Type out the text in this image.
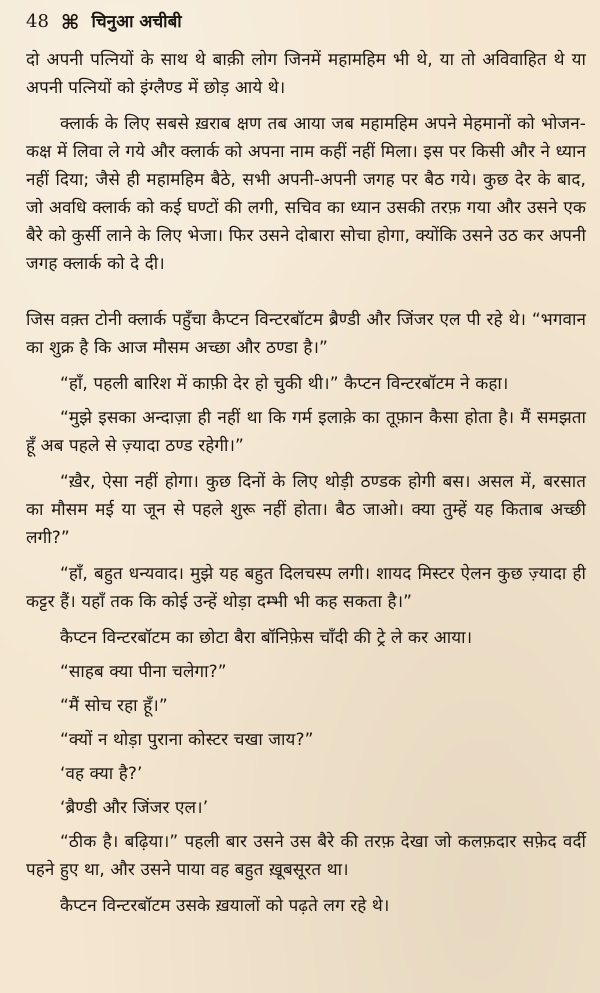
48 ⌘ चिनुआ अचीबी

दो अपनी पत्नियों के साथ थे बाक़ी लोग जिनमें महामहिम भी थे, या तो अविवाहित थे या अपनी पत्नियों को इंग्लैण्ड में छोड़ आये थे।

क्लार्क के लिए सबसे ख़राब क्षण तब आया जब महामहिम अपने मेहमानों को भोजन-कक्ष में लिवा ले गये और क्लार्क को अपना नाम कहीं नहीं मिला। इस पर किसी और ने ध्यान नहीं दिया; जैसे ही महामहिम बैठे, सभी अपनी-अपनी जगह पर बैठ गये। कुछ देर के बाद, जो अवधि क्लार्क को कई घण्टों की लगी, सचिव का ध्यान उसकी तरफ़ गया और उसने एक बैरे को कुर्सी लाने के लिए भेजा। फिर उसने दोबारा सोचा होगा, क्योंकि उसने उठ कर अपनी जगह क्लार्क को दे दी।

जिस वक़्त टोनी क्लार्क पहुँचा कैप्टन विन्टरबॉटम ब्रैण्डी और जिंजर एल पी रहे थे। “भगवान का शुक्र है कि आज मौसम अच्छा और ठण्डा है।”

“हाँ, पहली बारिश में काफ़ी देर हो चुकी थी।” कैप्टन विन्टरबॉटम ने कहा।

“मुझे इसका अन्दाज़ा ही नहीं था कि गर्म इलाक़े का तूफ़ान कैसा होता है। मैं समझता हूँ अब पहले से ज़्यादा ठण्ड रहेगी।”

“ख़ैर, ऐसा नहीं होगा। कुछ दिनों के लिए थोड़ी ठण्डक होगी बस। असल में, बरसात का मौसम मई या जून से पहले शुरू नहीं होता। बैठ जाओ। क्या तुम्हें यह किताब अच्छी लगी?”

“हाँ, बहुत धन्यवाद। मुझे यह बहुत दिलचस्प लगी। शायद मिस्टर ऐलन कुछ ज़्यादा ही कट्टर हैं। यहाँ तक कि कोई उन्हें थोड़ा दम्भी भी कह सकता है।”

कैप्टन विन्टरबॉटम का छोटा बैरा बॉनिफ़ेस चाँदी की ट्रे ले कर आया।

“साहब क्या पीना चलेगा?”

“मैं सोच रहा हूँ।”

“क्यों न थोड़ा पुराना कोस्टर चखा जाय?”

‘वह क्या है?’

‘ब्रैण्डी और जिंजर एल।’

“ठीक है। बढ़िया।” पहली बार उसने उस बैरे की तरफ़ देखा जो कलफ़दार सफ़ेद वर्दी पहने हुए था, और उसने पाया वह बहुत ख़ूबसूरत था।

कैप्टन विन्टरबॉटम उसके ख़यालों को पढ़ते लग रहे थे।
